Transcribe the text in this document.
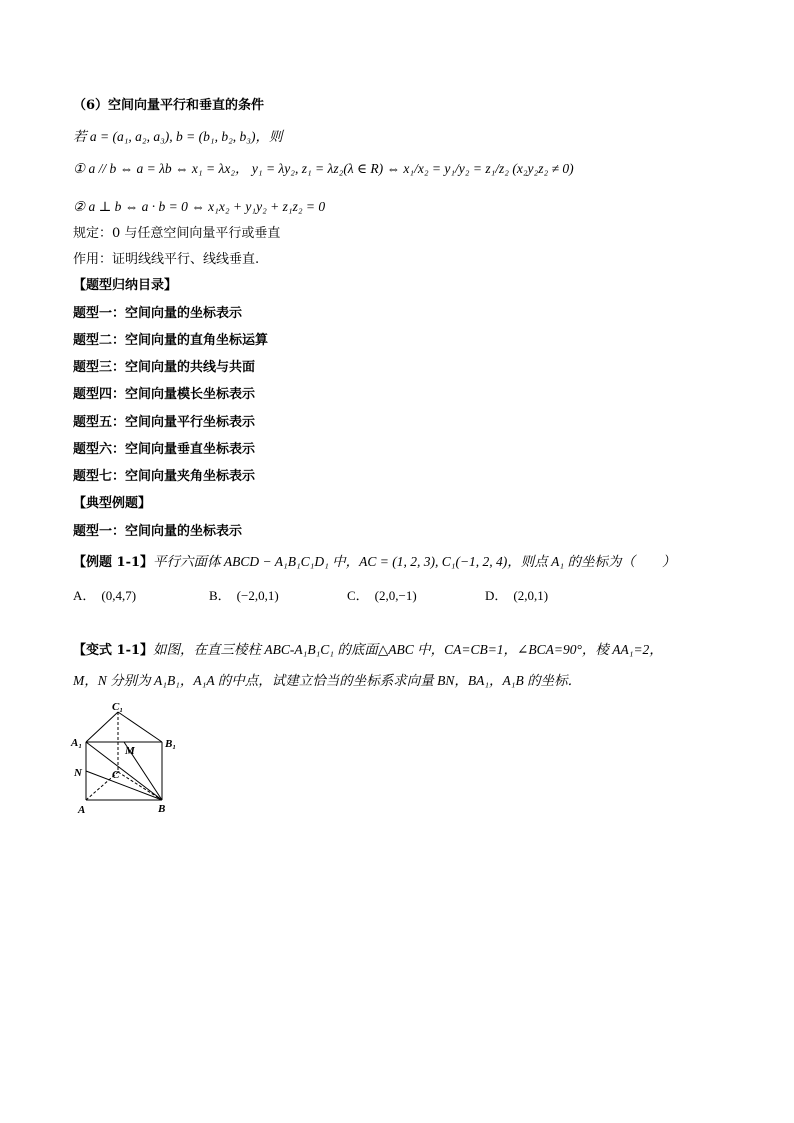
（6）空间向量平行和垂直的条件
若 a = (a₁, a₂, a₃), b = (b₁, b₂, b₃)，则
① a // b ⇔ a = λb ⇔ x₁ = λx₂， y₁ = λy₂, z₁ = λz₂(λ ∈ R) ⇔ x₁/x₂ = y₁/y₂ = z₁/z₂ (x₂y₂z₂ ≠ 0)
② a ⊥ b ⇔ a · b = 0 ⇔ x₁x₂ + y₁y₂ + z₁z₂ = 0
规定：0 与任意空间向量平行或垂直
作用：证明线线平行、线线垂直.
【题型归纳目录】
题型一：空间向量的坐标表示
题型二：空间向量的直角坐标运算
题型三：空间向量的共线与共面
题型四：空间向量模长坐标表示
题型五：空间向量平行坐标表示
题型六：空间向量垂直坐标表示
题型七：空间向量夹角坐标表示
【典型例题】
题型一：空间向量的坐标表示
【例题 1-1】平行六面体 ABCD − A₁B₁C₁D₁ 中，AC = (1, 2, 3), C₁(−1, 2, 4)，则点 A₁ 的坐标为（　　）
A． (0,4,7)	B． (−2,0,1)	C． (2,0,−1)	D． (2,0,1)
【变式 1-1】如图，在直三棱柱 ABC-A₁B₁C₁ 的底面△ABC 中，CA=CB=1，∠BCA=90°，棱 AA₁=2，
M，N 分别为 A₁B₁，A₁A 的中点，试建立恰当的坐标系求向量 BN，BA₁，A₁B 的坐标．
C₁
A₁	B₁
M
N	C
A	B
